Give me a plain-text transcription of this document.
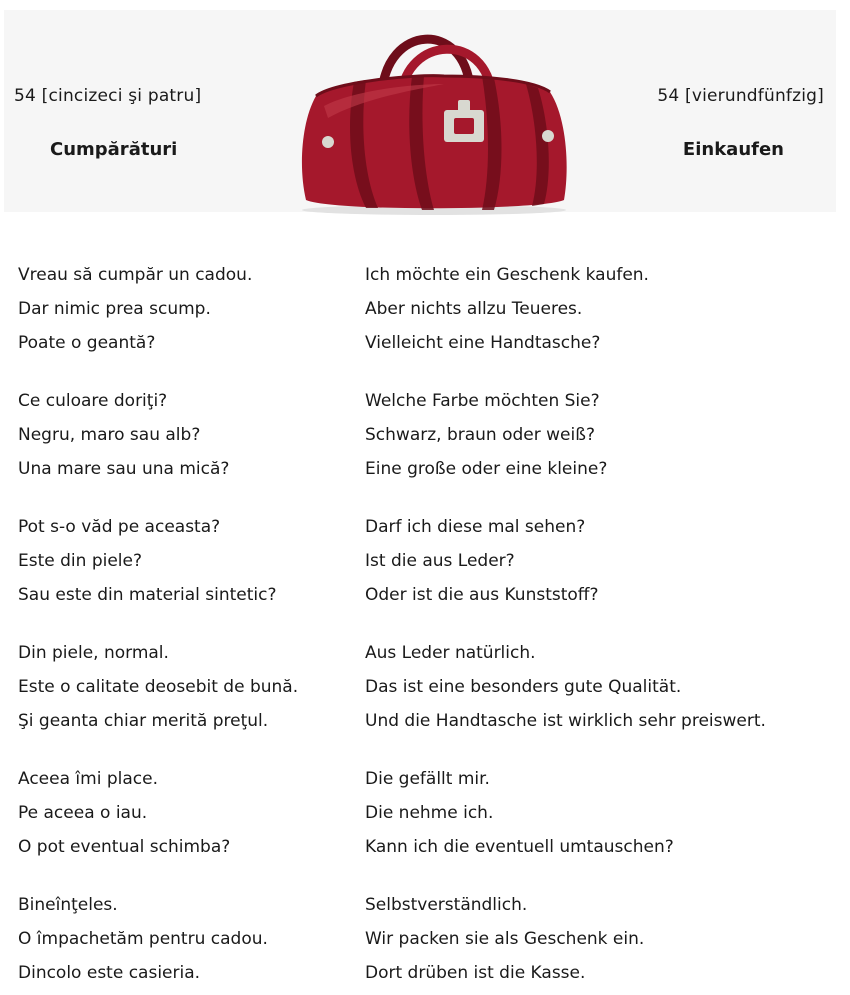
54 [cincizeci şi patru]
Cumpărături
54 [vierundfünfzig]
Einkaufen
Vreau să cumpăr un cadou.	Ich möchte ein Geschenk kaufen.
Dar nimic prea scump.	Aber nichts allzu Teueres.
Poate o geantă?	Vielleicht eine Handtasche?
Ce culoare doriţi?	Welche Farbe möchten Sie?
Negru, maro sau alb?	Schwarz, braun oder weiß?
Una mare sau una mică?	Eine große oder eine kleine?
Pot s-o văd pe aceasta?	Darf ich diese mal sehen?
Este din piele?	Ist die aus Leder?
Sau este din material sintetic?	Oder ist die aus Kunststoff?
Din piele, normal.	Aus Leder natürlich.
Este o calitate deosebit de bună.	Das ist eine besonders gute Qualität.
Şi geanta chiar merită preţul.	Und die Handtasche ist wirklich sehr preiswert.
Aceea îmi place.	Die gefällt mir.
Pe aceea o iau.	Die nehme ich.
O pot eventual schimba?	Kann ich die eventuell umtauschen?
Bineînţeles.	Selbstverständlich.
O împachetăm pentru cadou.	Wir packen sie als Geschenk ein.
Dincolo este casieria.	Dort drüben ist die Kasse.
